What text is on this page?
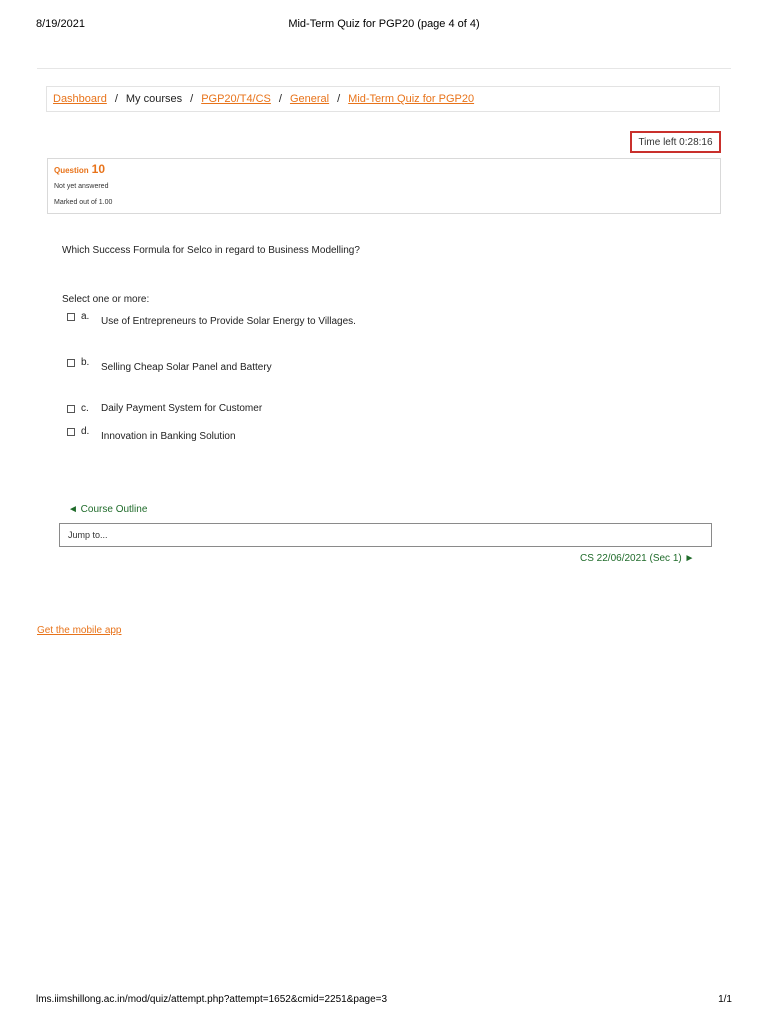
8/19/2021	Mid-Term Quiz for PGP20 (page 4 of 4)
Dashboard / My courses / PGP20/T4/CS / General / Mid-Term Quiz for PGP20
Time left 0:28:16
Question 10
Not yet answered
Marked out of 1.00
Which Success Formula for Selco in regard to Business Modelling?
Select one or more:
a. Use of Entrepreneurs to Provide Solar Energy to Villages.
b. Selling Cheap Solar Panel and Battery
c. Daily Payment System for Customer
d. Innovation in Banking Solution
◄ Course Outline
Jump to...
CS 22/06/2021 (Sec 1) ►
Get the mobile app
lms.iimshillong.ac.in/mod/quiz/attempt.php?attempt=1652&cmid=2251&page=3	1/1
